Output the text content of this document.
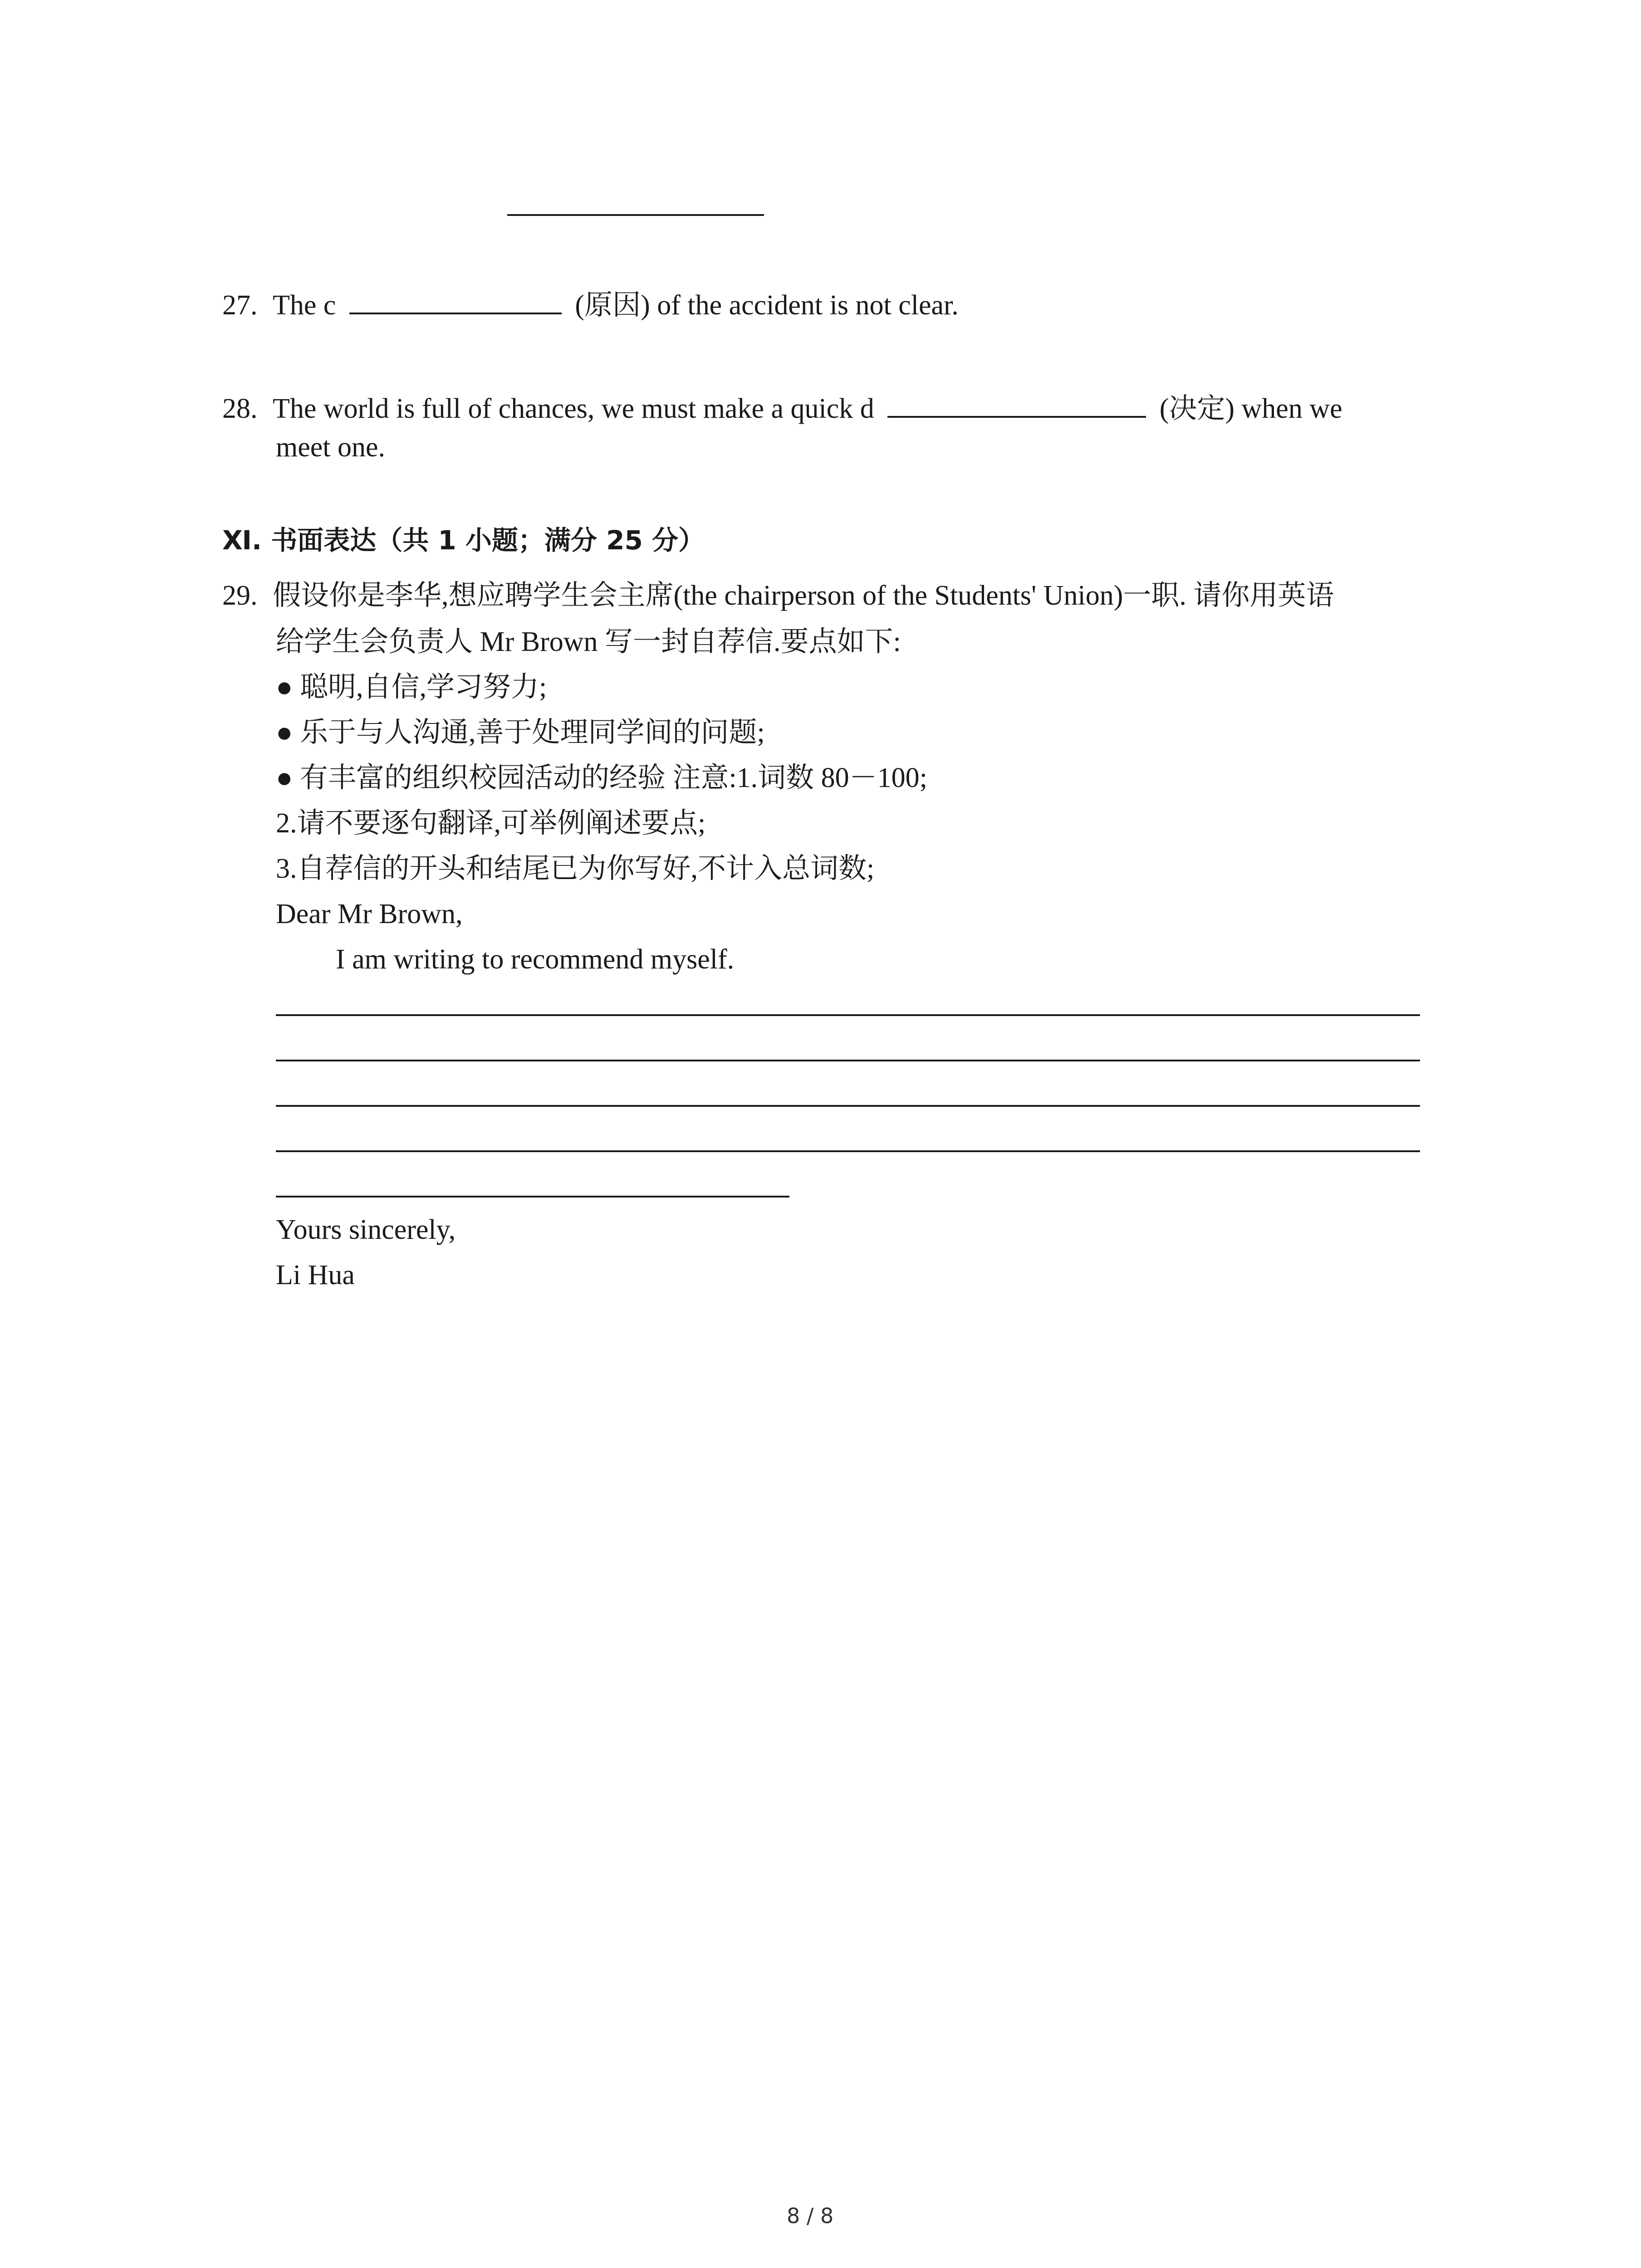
27. The c	(原因) of the accident is not clear.
28. The world is full of chances, we must make a quick d	(决定) when we
meet one.
Ⅺ. 书面表达（共 1 小题；满分 25 分）
29. 假设你是李华,想应聘学生会主席(the chairperson of the Students' Union)一职. 请你用英语
给学生会负责人 Mr Brown 写一封自荐信.要点如下:
● 聪明,自信,学习努力;
● 乐于与人沟通,善于处理同学间的问题;
● 有丰富的组织校园活动的经验 注意:1.词数 80－100;
2.请不要逐句翻译,可举例阐述要点;
3.自荐信的开头和结尾已为你写好,不计入总词数;
Dear Mr Brown,
I am writing to recommend myself.
Yours sincerely,
Li Hua
8 / 8
